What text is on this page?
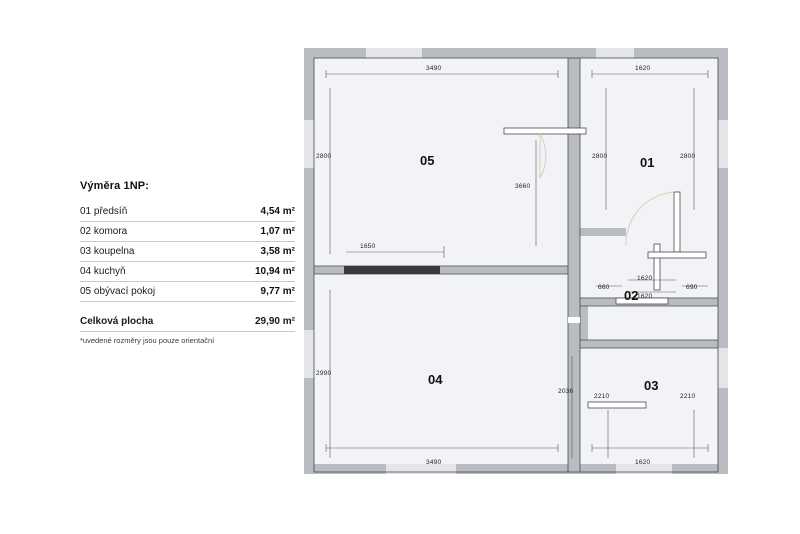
Výměra 1NP:
01 předsíň	4,54 m²
02 komora	1,07 m²
03 koupelna	3,58 m²
04 kuchyň	10,94 m²
05 obývací pokoj	9,77 m²
Celková plocha	29,90 m²
*uvedené rozměry jsou pouze orientační
01
02
03
04
05
3490	1620
2800	2800	2800
3660
1650
660
1620
1620
690
2990
2036
2210	2210
3490	1620
